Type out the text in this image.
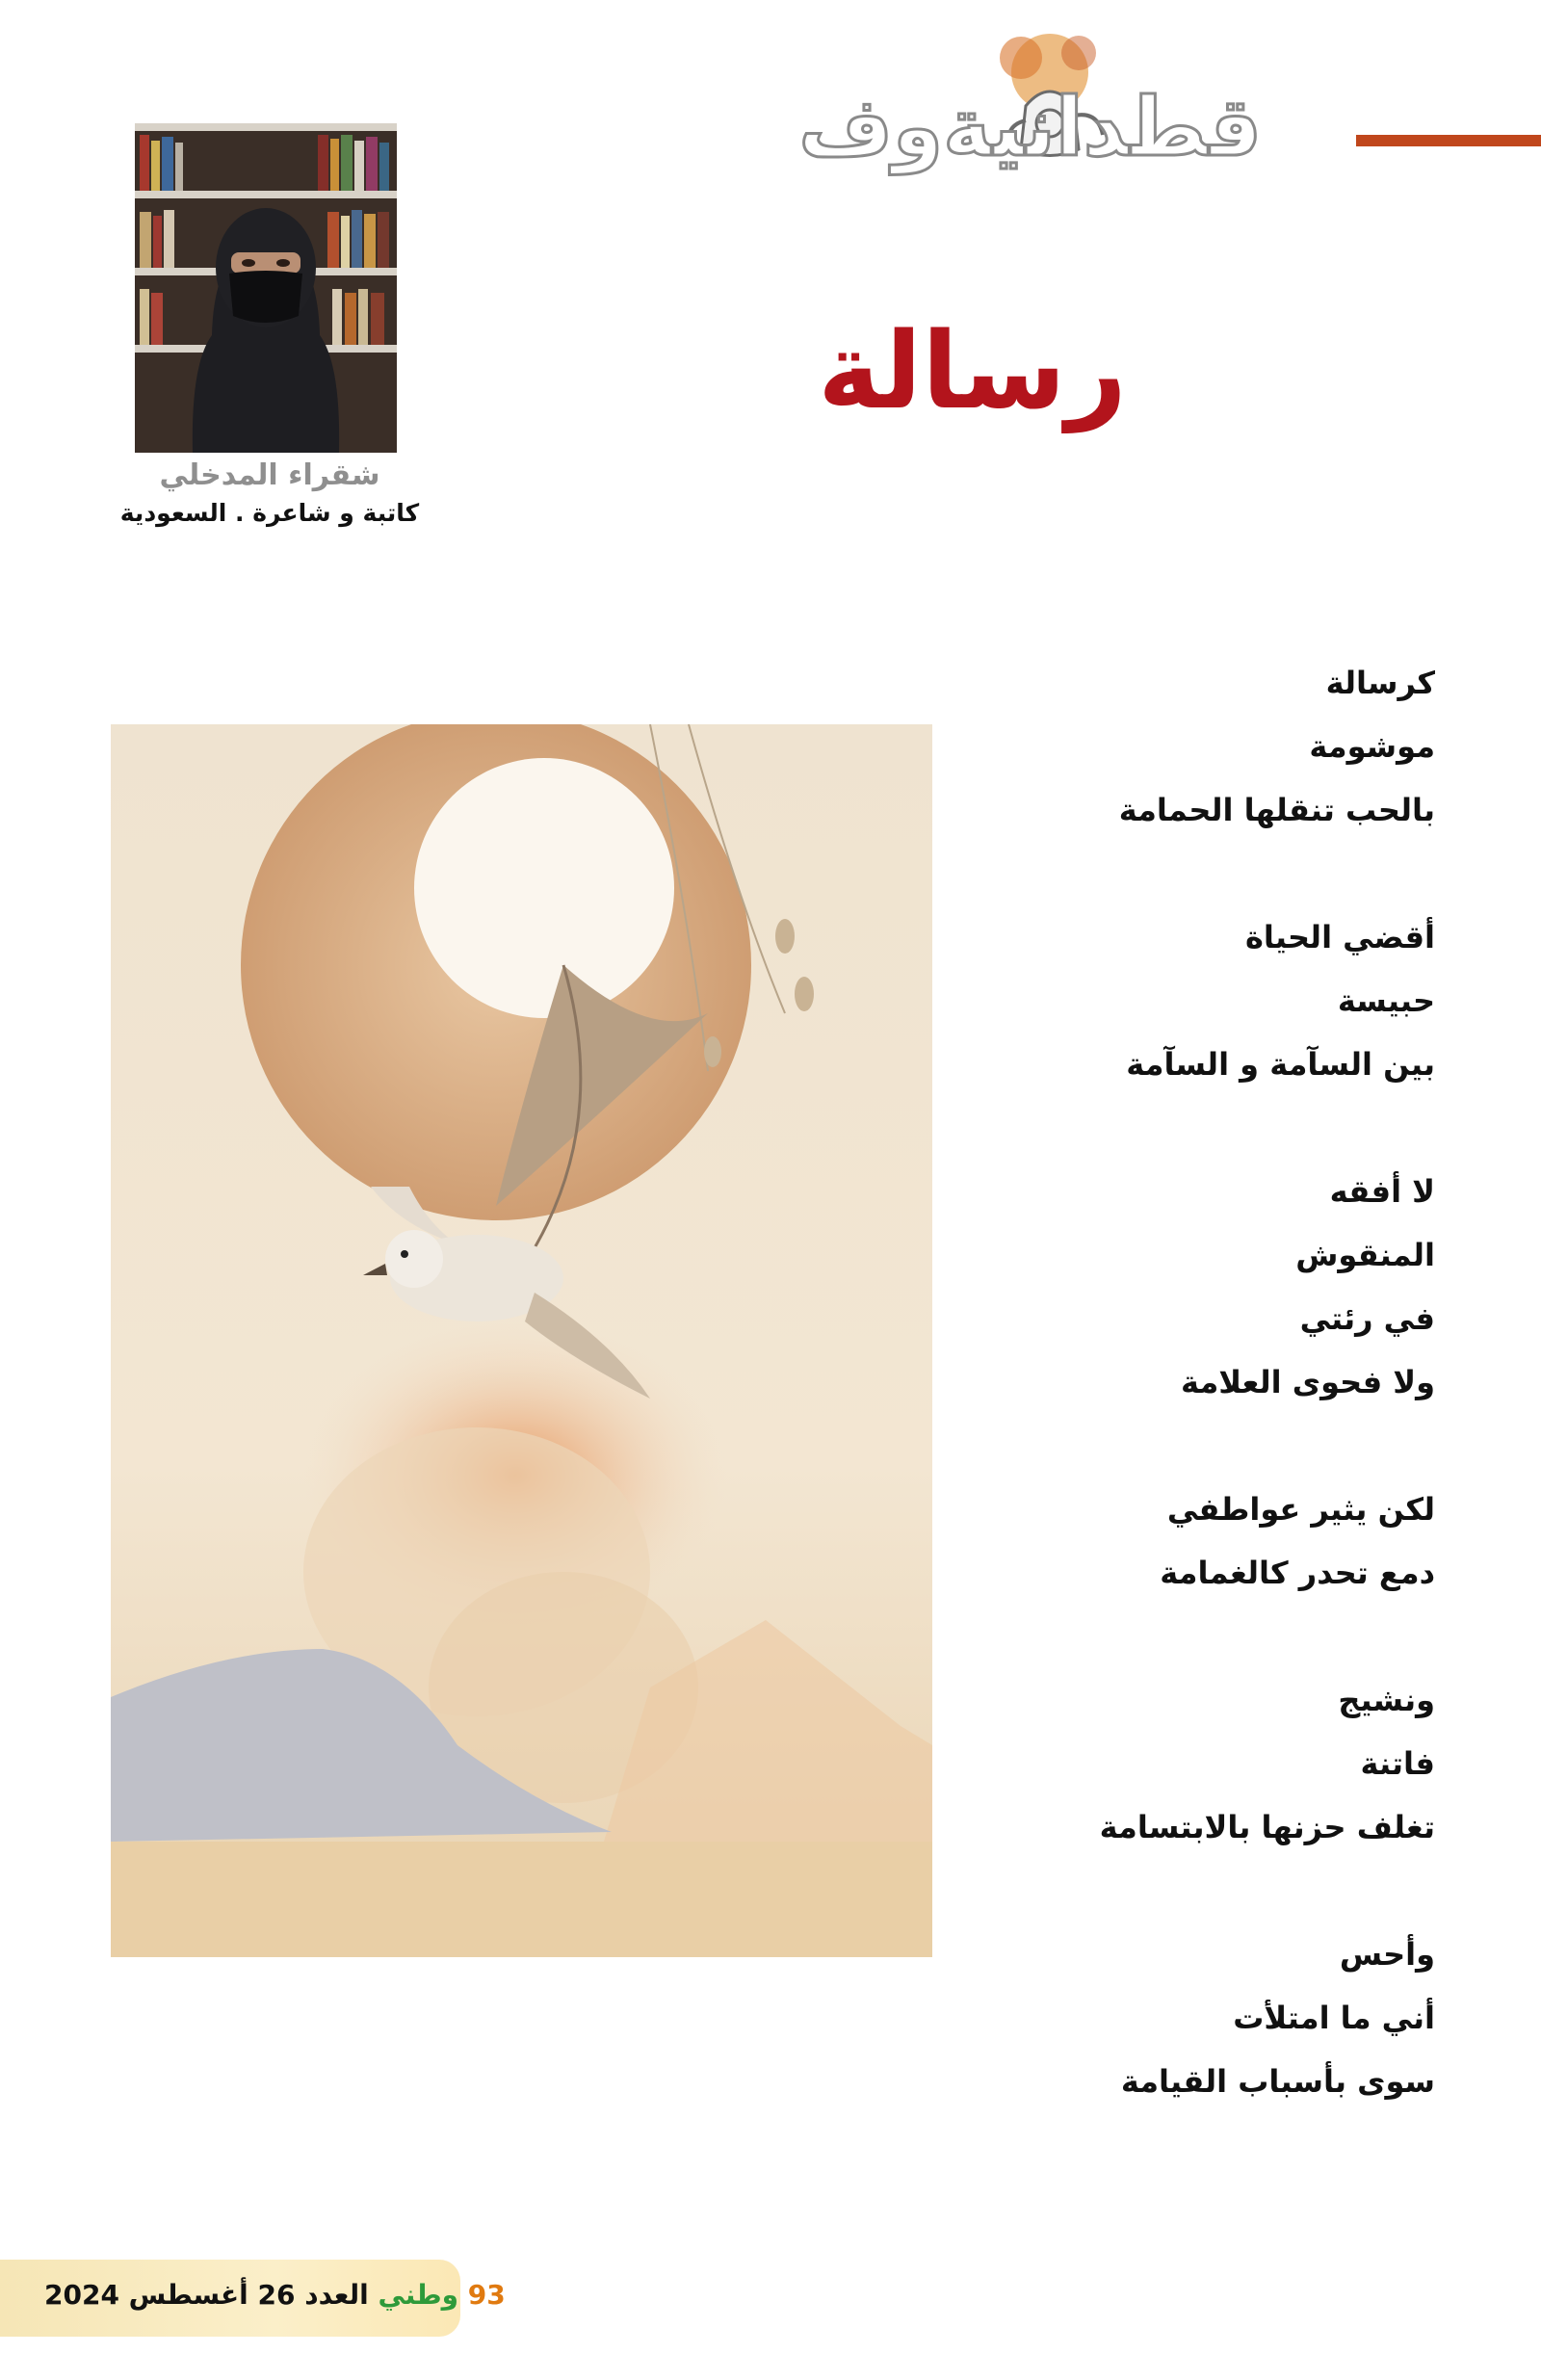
قطدانيةوف
شقراء المدخلي
كاتبة و شاعرة . السعودية
رسالة
كرسالة
موشومة
بالحب تنقلها الحمامة
أقضي الحياة
حبيسة
بين السآمة و السآمة
لا أفقه
المنقوش
في رئتي
ولا فحوى العلامة
لكن يثير عواطفي
دمع تحدر كالغمامة
ونشيج
فاتنة
تغلف حزنها بالابتسامة
وأحس
أني ما امتلأت
سوى بأسباب القيامة
93 وطني العدد 26 أغسطس 2024
